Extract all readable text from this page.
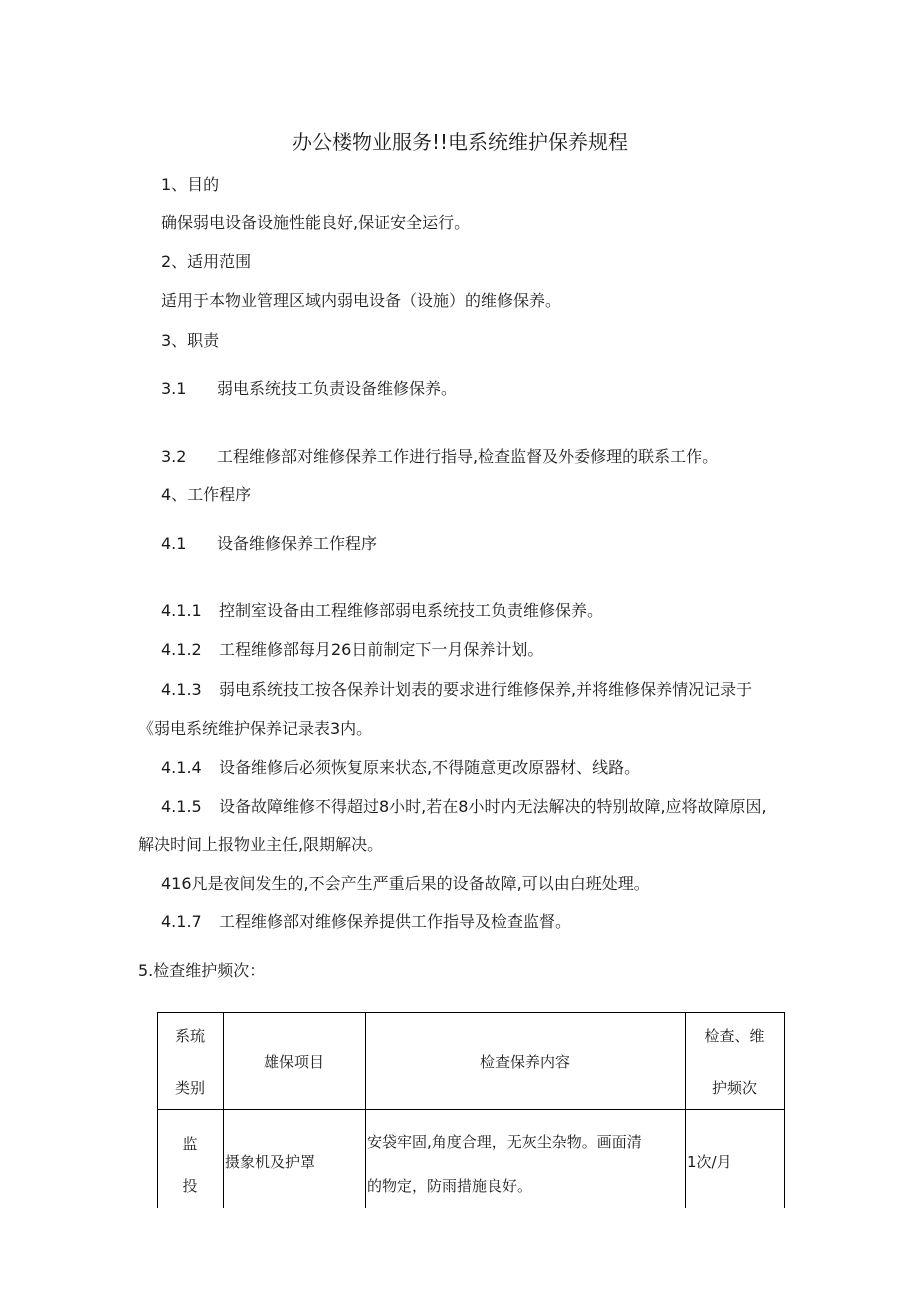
办公楼物业服务!!电系统维护保养规程
1、目的
确保弱电设备设施性能良好,保证安全运行。
2、适用范围
适用于本物业管理区域内弱电设备（设施）的维修保养。
3、职责
3.1 弱电系统技工负责设备维修保养。
3.2 工程维修部对维修保养工作进行指导,检查监督及外委修理的联系工作。
4、工作程序
4.1 设备维修保养工作程序
4.1.1 控制室设备由工程维修部弱电系统技工负责维修保养。
4.1.2 工程维修部每月26日前制定下一月保养计划。
4.1.3 弱电系统技工按各保养计划表的要求进行维修保养,并将维修保养情况记录于
《弱电系统维护保养记录表3内。
4.1.4 设备维修后必须恢复原来状态,不得随意更改原器材、线路。
4.1.5 设备故障维修不得超过8小时,若在8小时内无法解决的特别故障,应将故障原因,
解决时间上报物业主任,限期解决。
416凡是夜间发生的,不会产生严重后果的设备故障,可以由白班处理。
4.1.7 工程维修部对维修保养提供工作指导及检查监督。
5.检查维护频次：
系琉
类别
雄保项目	检查保养内容
检查、维
护频次
监
投
摄象机及护罩
安袋牢固,角度合理，无灰尘杂物。画面清
的物定，防雨措施良好。
1次/月
